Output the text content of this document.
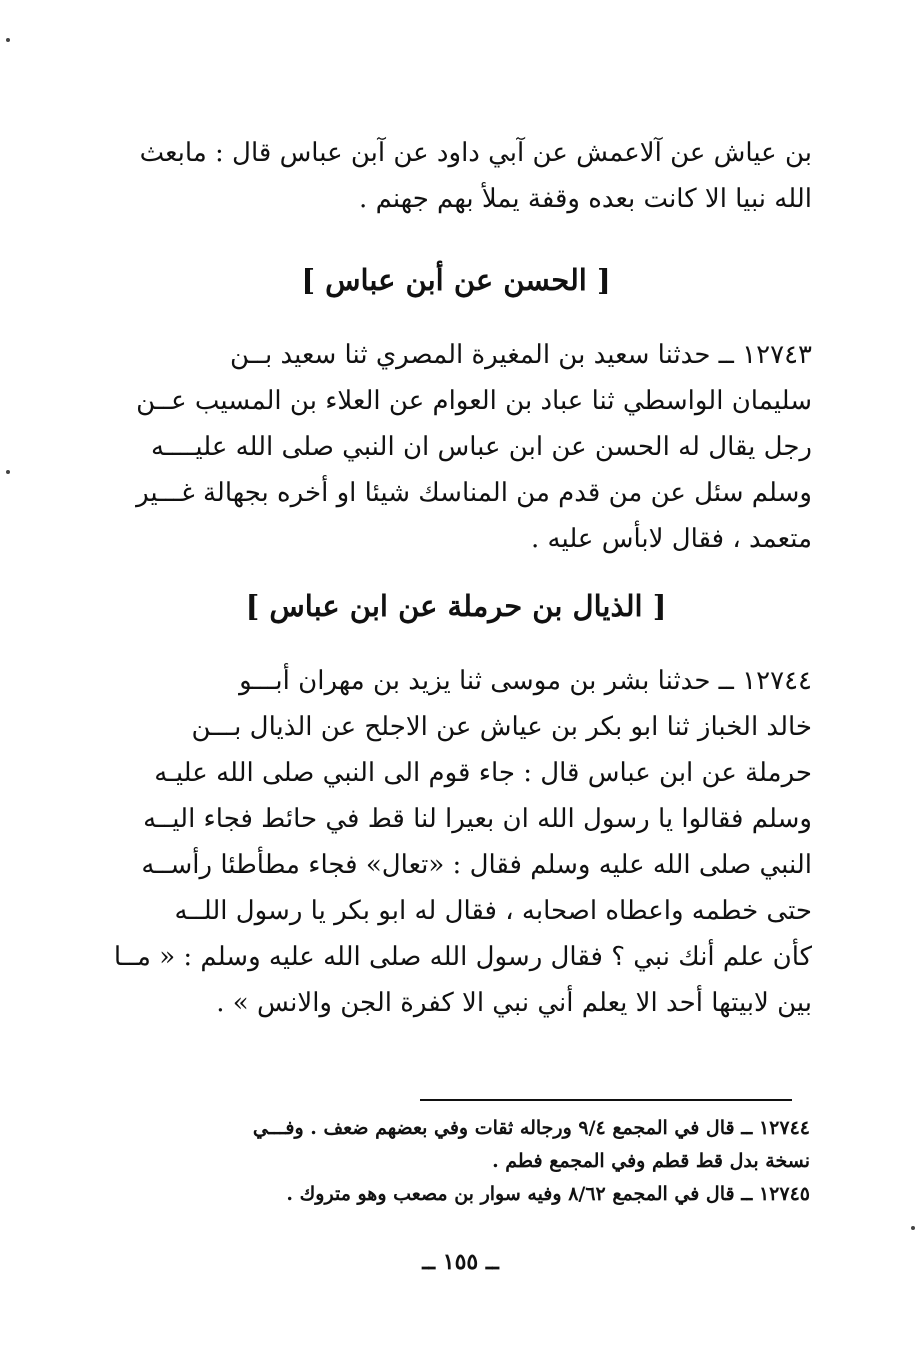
بن عياش عن آلاعمش عن آبي داود عن آبن عباس قال : مابعث
الله نبيا الا كانت بعده وقفة يملأ بهم جهنم .
[ الحسن عن أبن عباس ]
١٢٧٤٣ ــ حدثنا سعيد بن المغيرة المصري ثنا سعيد بــن
سليمان الواسطي ثنا عباد بن العوام عن العلاء بن المسيب عــن
رجل يقال له الحسن عن ابن عباس ان النبي صلى الله عليــــه
وسلم سئل عن من قدم من المناسك شيئا او أخره بجهالة غـــير
متعمد ، فقال لابأس عليه .
[ الذيال بن حرملة عن ابن عباس ]
١٢٧٤٤ ــ حدثنا بشر بن موسى ثنا يزيد بن مهران أبـــو
خالد الخباز ثنا ابو بكر بن عياش عن الاجلح عن الذيال بـــن
حرملة عن ابن عباس قال : جاء قوم الى النبي صلى الله عليـه
وسلم فقالوا يا رسول الله ان بعيرا لنا قط في حائط فجاء اليــه
النبي صلى الله عليه وسلم فقال : «تعال» فجاء مطأطئا رأســه
حتى خطمه واعطاه اصحابه ، فقال له ابو بكر يا رسول اللــه
كأن علم أنك نبي ؟ فقال رسول الله صلى الله عليه وسلم : « مــا
بين لابيتها أحد الا يعلم أني نبي الا كفرة الجن والانس » .
١٢٧٤٤ ــ قال في المجمع ٩/٤ ورجاله ثقات وفي بعضهم ضعف . وفـــي
نسخة بدل قط قطم وفي المجمع فطم .
١٢٧٤٥ ــ قال في المجمع ٨/٦٢ وفيه سوار بن مصعب وهو متروك .
ــ ١٥٥ ــ
